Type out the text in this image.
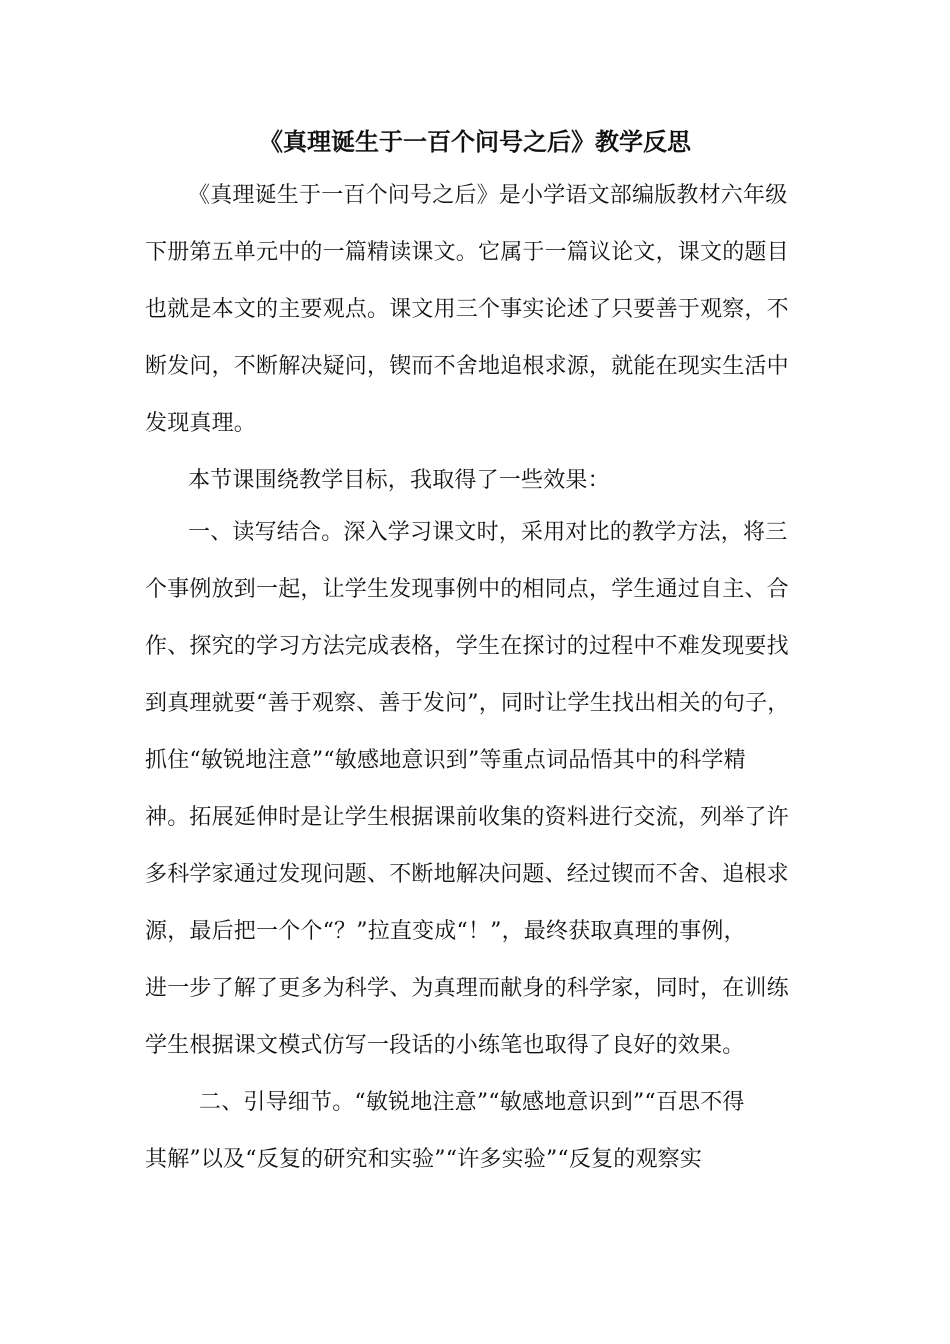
《真理诞生于一百个问号之后》教学反思
《真理诞生于一百个问号之后》是小学语文部编版教材六年级
下册第五单元中的一篇精读课文。它属于一篇议论文，课文的题目
也就是本文的主要观点。课文用三个事实论述了只要善于观察，不
断发问，不断解决疑问，锲而不舍地追根求源，就能在现实生活中
发现真理。
本节课围绕教学目标，我取得了一些效果：
一、读写结合。深入学习课文时，采用对比的教学方法，将三
个事例放到一起，让学生发现事例中的相同点，学生通过自主、合
作、探究的学习方法完成表格，学生在探讨的过程中不难发现要找
到真理就要“善于观察、善于发问”，同时让学生找出相关的句子，
抓住“敏锐地注意”“敏感地意识到”等重点词品悟其中的科学精
神。拓展延伸时是让学生根据课前收集的资料进行交流，列举了许
多科学家通过发现问题、不断地解决问题、经过锲而不舍、追根求
源，最后把一个个“？”拉直变成“！”，最终获取真理的事例，
进一步了解了更多为科学、为真理而献身的科学家，同时，在训练
学生根据课文模式仿写一段话的小练笔也取得了良好的效果。
二、引导细节。“敏锐地注意”“敏感地意识到”“百思不得
其解”以及“反复的研究和实验”“许多实验”“反复的观察实
